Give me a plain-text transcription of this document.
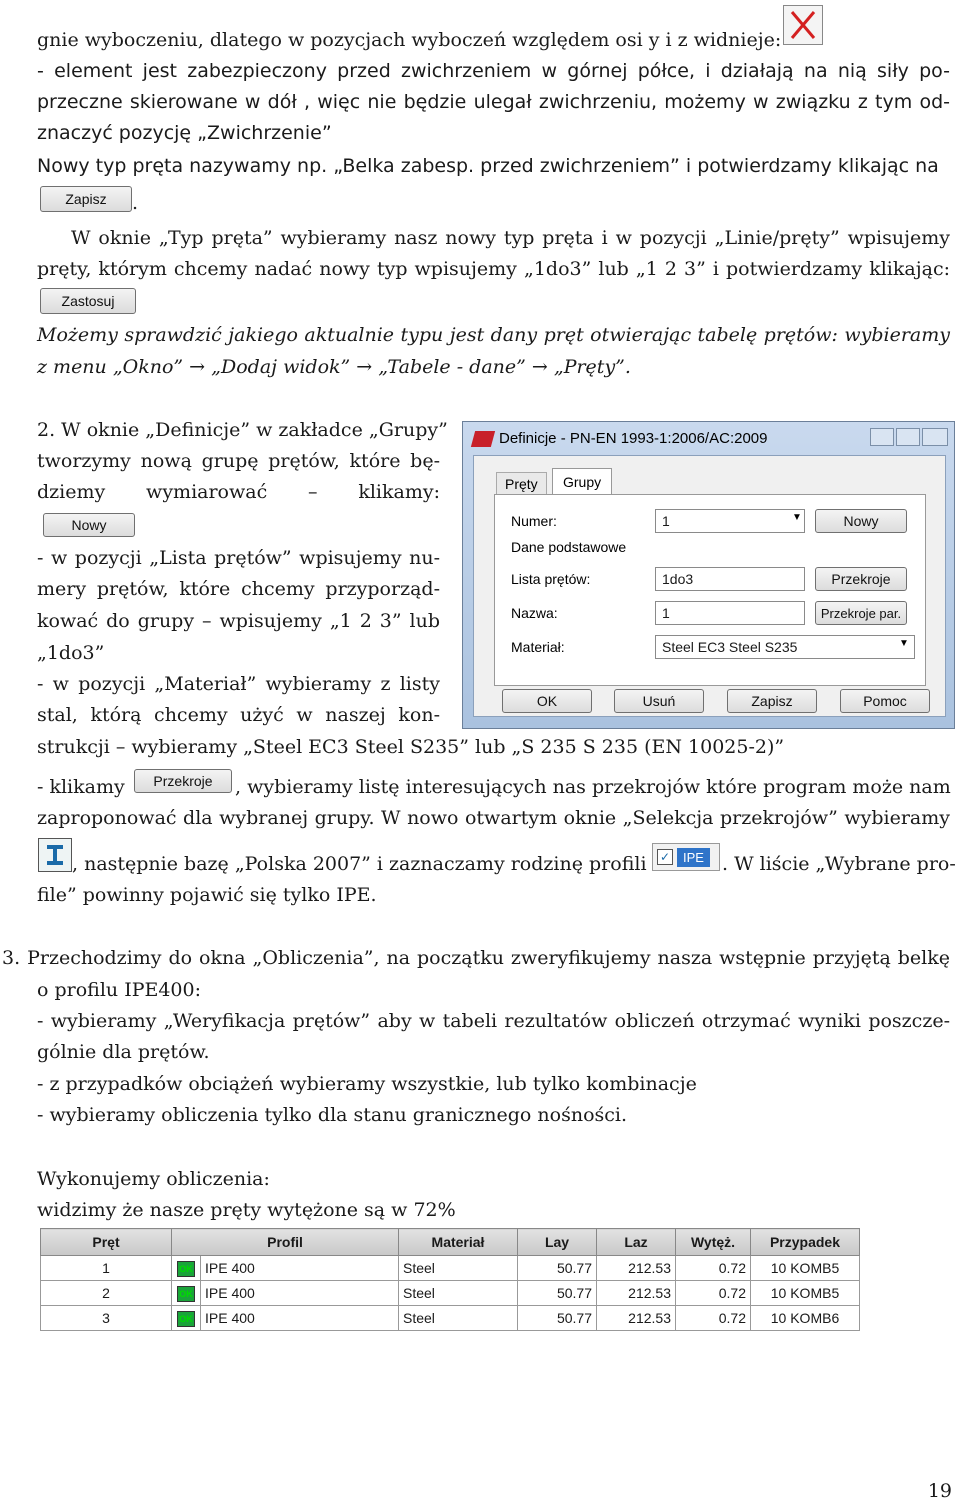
gnie wyboczeniu, dlatego w pozycjach wyboczeń względem osi y i z widnieje:
- element jest zabezpieczony przed zwichrzeniem w górnej półce, i działają na nią siły po-
przeczne skierowane w dół , więc nie będzie ulegał zwichrzeniu, możemy w związku z tym od-
znaczyć pozycję „Zwichrzenie”
Nowy typ pręta nazywamy np. „Belka zabesp. przed zwichrzeniem” i potwierdzamy klikając na
Zapisz	.
W oknie „Typ pręta” wybieramy nasz nowy typ pręta i w pozycji „Linie/pręty” wpisujemy
pręty, którym chcemy nadać nowy typ wpisujemy „1do3” lub „1 2 3” i potwierdzamy klikając:
Zastosuj
Możemy sprawdzić jakiego aktualnie typu jest dany pręt otwierając tabelę prętów: wybieramy
z menu „Okno” → „Dodaj widok” → „Tabele - dane” → „Pręty”.
2. W oknie „Definicje” w zakładce „Grupy”
tworzymy nową grupę prętów, które bę-
dziemy wymiarować – klikamy:
Nowy
- w pozycji „Lista prętów” wpisujemy nu-
mery prętów, które chcemy przyporząd-
kować do grupy – wpisujemy „1 2 3” lub
„1do3”
- w pozycji „Materiał” wybieramy z listy
stal, którą chcemy użyć w naszej kon-
strukcji – wybieramy „Steel EC3 Steel S235” lub „S 235 S 235 (EN 10025-2)”
Definicje - PN-EN 1993-1:2006/AC:2009
Pręty	Grupy
Numer:	1	▼	Nowy
Dane podstawowe
Lista prętów:	1do3	Przekroje
Nazwa:	1	Przekroje par.
Materiał:	Steel EC3 Steel S235	▼
OK	Usuń	Zapisz	Pomoc
- klikamy	Przekroje	, wybieramy listę interesujących nas przekrojów które program może nam
zaproponować dla wybranej grupy. W nowo otwartym oknie „Selekcja przekrojów” wybieramy
, następnie bazę „Polska 2007” i zaznaczamy rodzinę profili	✓ IPE . W liście „Wybrane pro-
file” powinny pojawić się tylko IPE.
3. Przechodzimy do okna „Obliczenia”, na początku zweryfikujemy nasza wstępnie przyjętą belkę
o profilu IPE400:
- wybieramy „Weryfikacja prętów” aby w tabeli rezultatów obliczeń otrzymać wyniki poszcze-
gólnie dla prętów.
- z przypadków obciążeń wybieramy wszystkie, lub tylko kombinacje
- wybieramy obliczenia tylko dla stanu granicznego nośności.
Wykonujemy obliczenia:
widzimy że nasze pręty wytężone są w 72%
Pręt	Profil		Materiał	Lay	Laz	Wytęż.	Przypadek
1	OK	IPE 400	Steel	50.77	212.53	0.72	10 KOMB5
2	OK	IPE 400	Steel	50.77	212.53	0.72	10 KOMB5
3	OK	IPE 400	Steel	50.77	212.53	0.72	10 KOMB6
19
